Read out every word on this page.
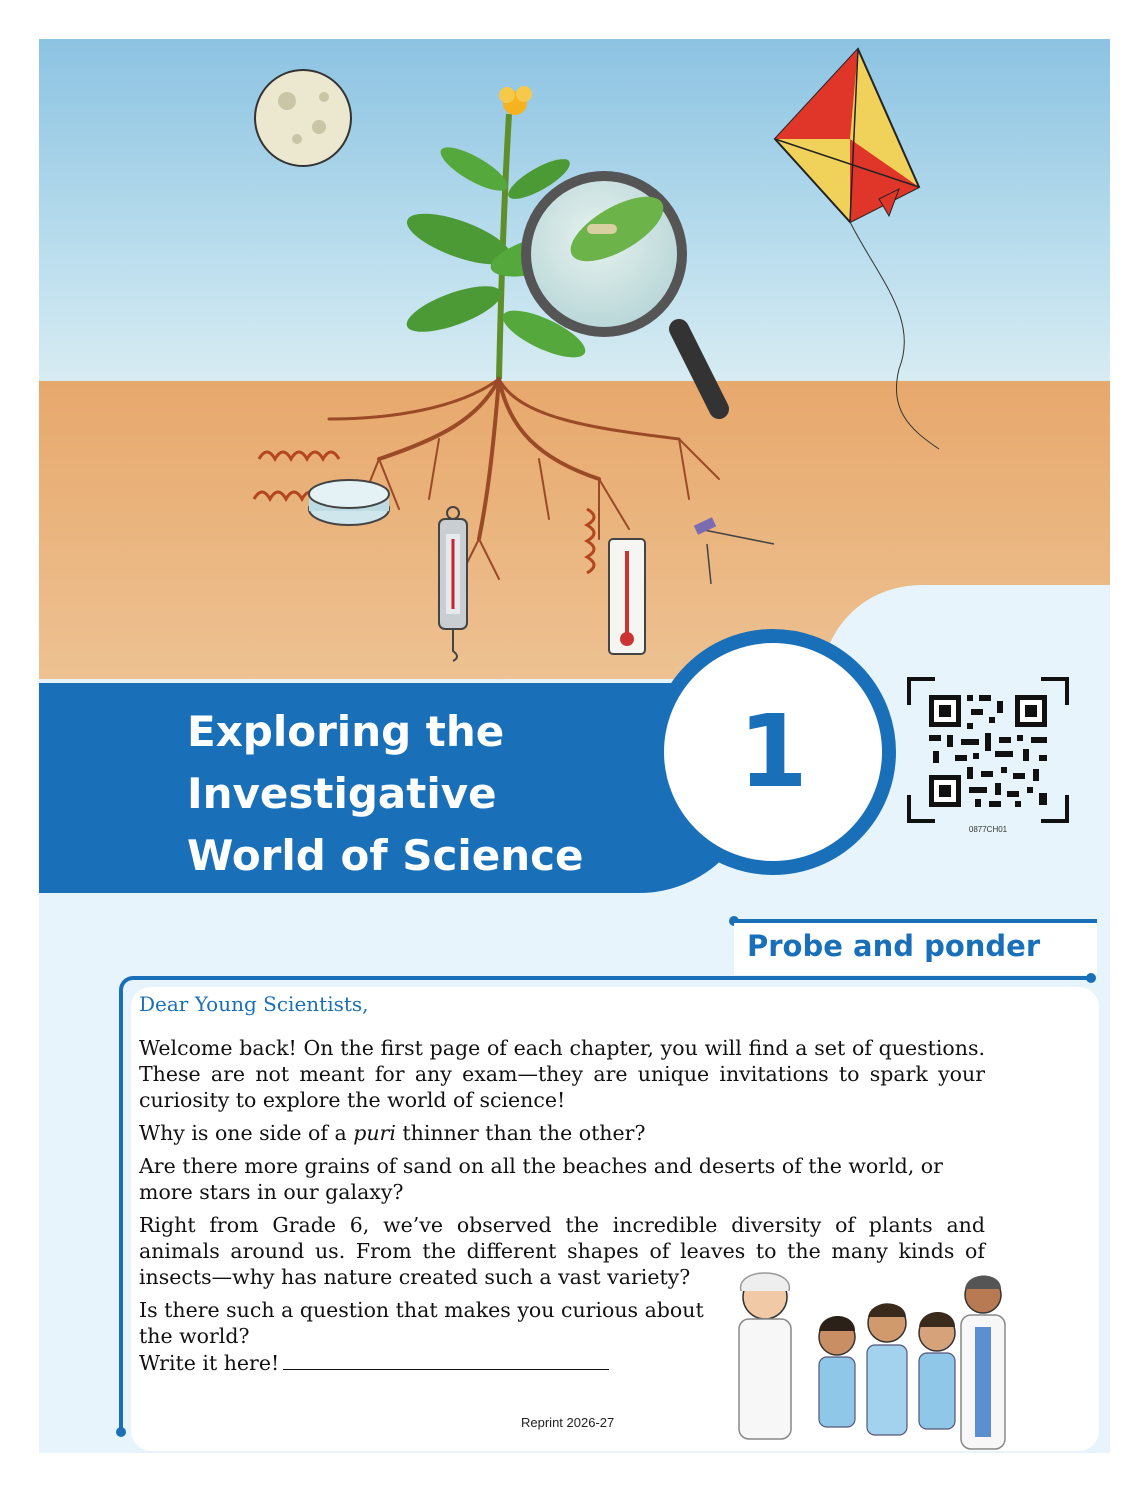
Exploring the
Investigative
World of Science
1
0877CH01
Probe and ponder
Dear Young Scientists,

Welcome back! On the first page of each chapter, you will find a set of questions. These are not meant for any exam—they are unique invitations to spark your curiosity to explore the world of science!

Why is one side of a puri thinner than the other?

Are there more grains of sand on all the beaches and deserts of the world, or more stars in our galaxy?

Right from Grade 6, we’ve observed the incredible diversity of plants and animals around us. From the different shapes of leaves to the many kinds of insects—why has nature created such a vast variety?

Is there such a question that makes you curious about the world?

Write it here!

Reprint 2026-27
